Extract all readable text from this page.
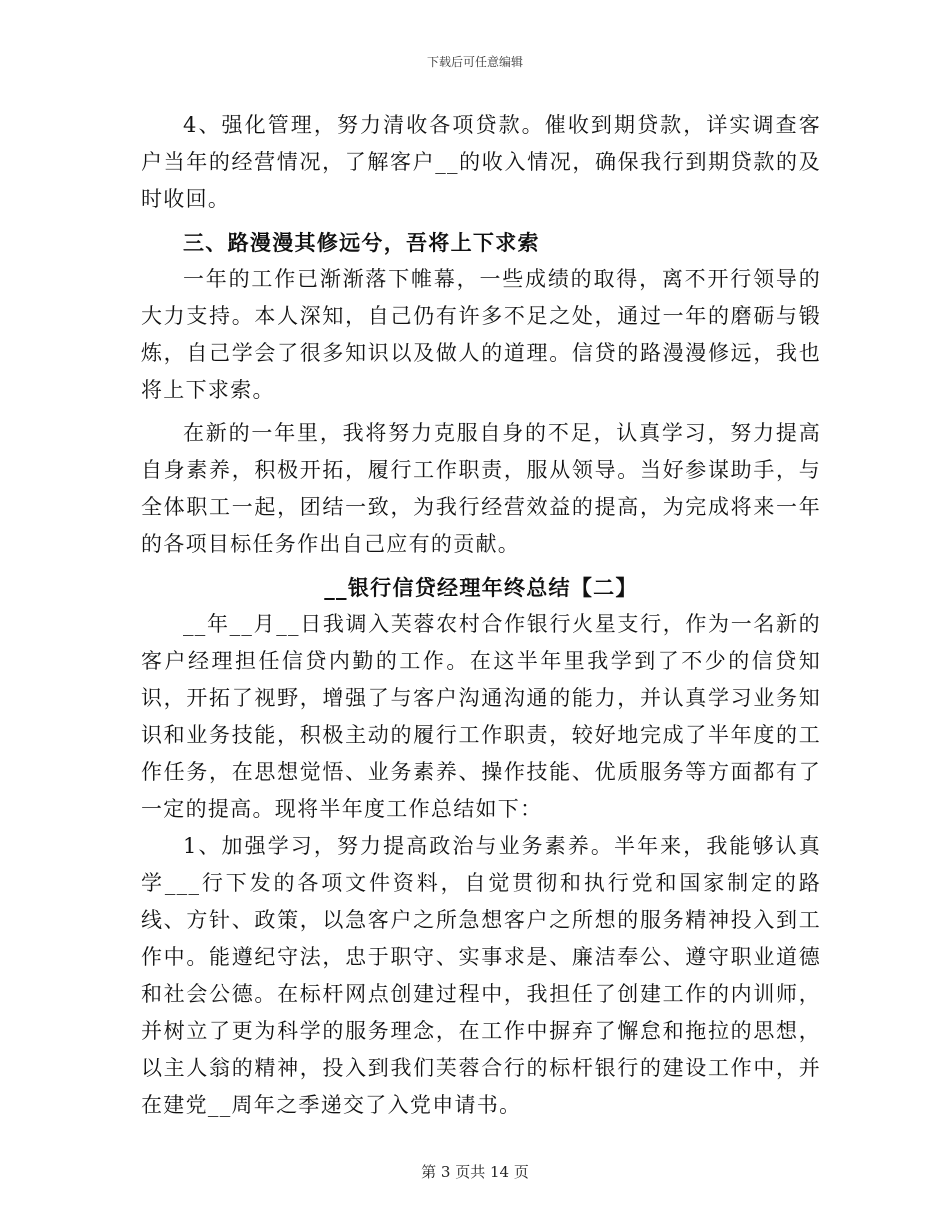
下载后可任意编辑

4、强化管理，努力清收各项贷款。催收到期贷款，详实调查客户当年的经营情况，了解客户__的收入情况，确保我行到期贷款的及时收回。

三、路漫漫其修远兮，吾将上下求索

一年的工作已渐渐落下帷幕，一些成绩的取得，离不开行领导的大力支持。本人深知，自己仍有许多不足之处，通过一年的磨砺与锻炼，自己学会了很多知识以及做人的道理。信贷的路漫漫修远，我也将上下求索。

在新的一年里，我将努力克服自身的不足，认真学习，努力提高自身素养，积极开拓，履行工作职责，服从领导。当好参谋助手，与全体职工一起，团结一致，为我行经营效益的提高，为完成将来一年的各项目标任务作出自己应有的贡献。

__银行信贷经理年终总结【二】

__年__月__日我调入芙蓉农村合作银行火星支行，作为一名新的客户经理担任信贷内勤的工作。在这半年里我学到了不少的信贷知识，开拓了视野，增强了与客户沟通沟通的能力，并认真学习业务知识和业务技能，积极主动的履行工作职责，较好地完成了半年度的工作任务，在思想觉悟、业务素养、操作技能、优质服务等方面都有了一定的提高。现将半年度工作总结如下：

1、加强学习，努力提高政治与业务素养。半年来，我能够认真学___行下发的各项文件资料，自觉贯彻和执行党和国家制定的路线、方针、政策，以急客户之所急想客户之所想的服务精神投入到工作中。能遵纪守法，忠于职守、实事求是、廉洁奉公、遵守职业道德和社会公德。在标杆网点创建过程中，我担任了创建工作的内训师，并树立了更为科学的服务理念，在工作中摒弃了懈怠和拖拉的思想，以主人翁的精神，投入到我们芙蓉合行的标杆银行的建设工作中，并在建党__周年之季递交了入党申请书。

第 3 页共 14 页
